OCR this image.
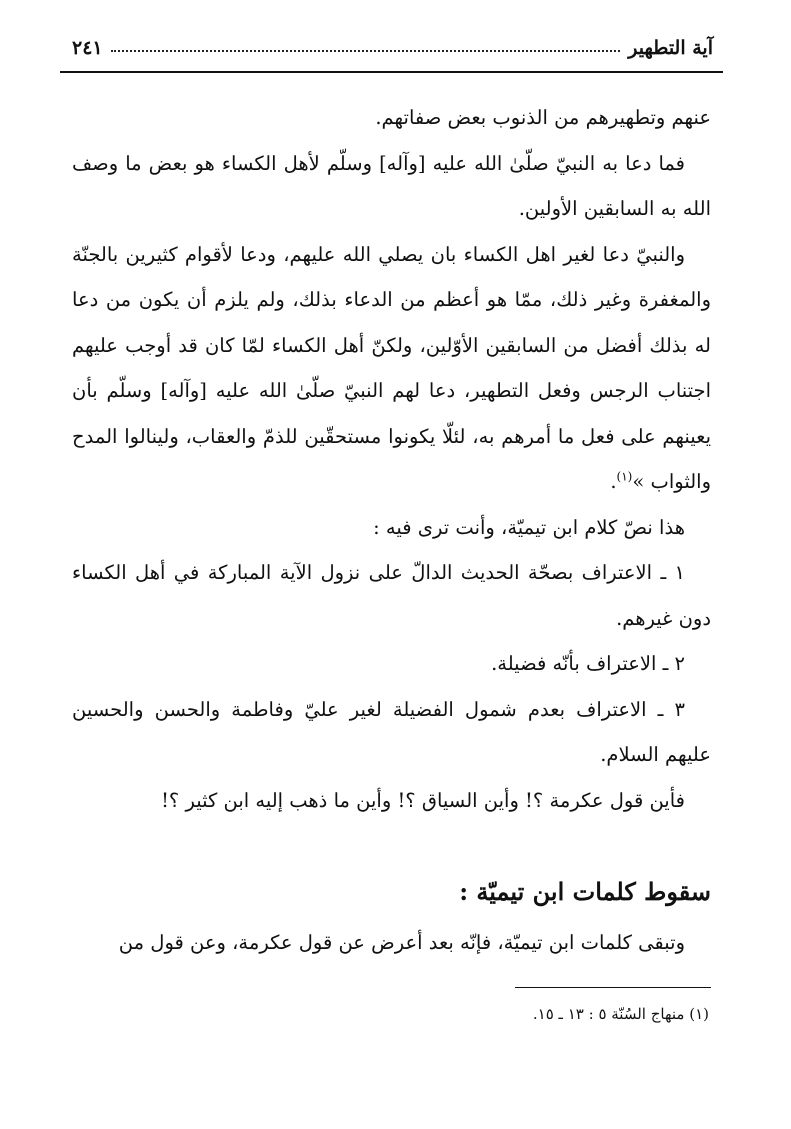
آية التطهير
٢٤١

عنهم وتطهيرهم من الذنوب بعض صفاتهم.

فما دعا به النبيّ صلّىٰ الله عليه [وآله] وسلّم لأهل الكساء هو بعض ما وصف الله به السابقين الأولين.

والنبيّ دعا لغير اهل الكساء بان يصلي الله عليهم، ودعا لأقوام كثيرين بالجنّة والمغفرة وغير ذلك، ممّا هو أعظم من الدعاء بذلك، ولم يلزم أن يكون من دعا له بذلك أفضل من السابقين الأوّلين، ولكنّ أهل الكساء لمّا كان قد أوجب عليهم اجتناب الرجس وفعل التطهير، دعا لهم النبيّ صلّىٰ الله عليه [وآله] وسلّم بأن يعينهم على فعل ما أمرهم به، لئلّا يكونوا مستحقّين للذمّ والعقاب، ولينالوا المدح والثواب »$^{(١)}$.

هذا نصّ كلام ابن تيميّة، وأنت ترى فيه :

١ ـ الاعتراف بصحّة الحديث الدالّ على نزول الآية المباركة في أهل الكساء دون غيرهم.

٢ ـ الاعتراف بأنّه فضيلة.

٣ ـ الاعتراف بعدم شمول الفضيلة لغير عليّ وفاطمة والحسن والحسين عليهم السلام.

فأين قول عكرمة ؟! وأين السياق ؟! وأين ما ذهب إليه ابن كثير ؟!

سقوط كلمات ابن تيميّة :

وتبقى كلمات ابن تيميّة، فإنّه بعد أعرض عن قول عكرمة، وعن قول من

(١) منهاج السُنّة ٥ : ١٣ ـ ١٥.
